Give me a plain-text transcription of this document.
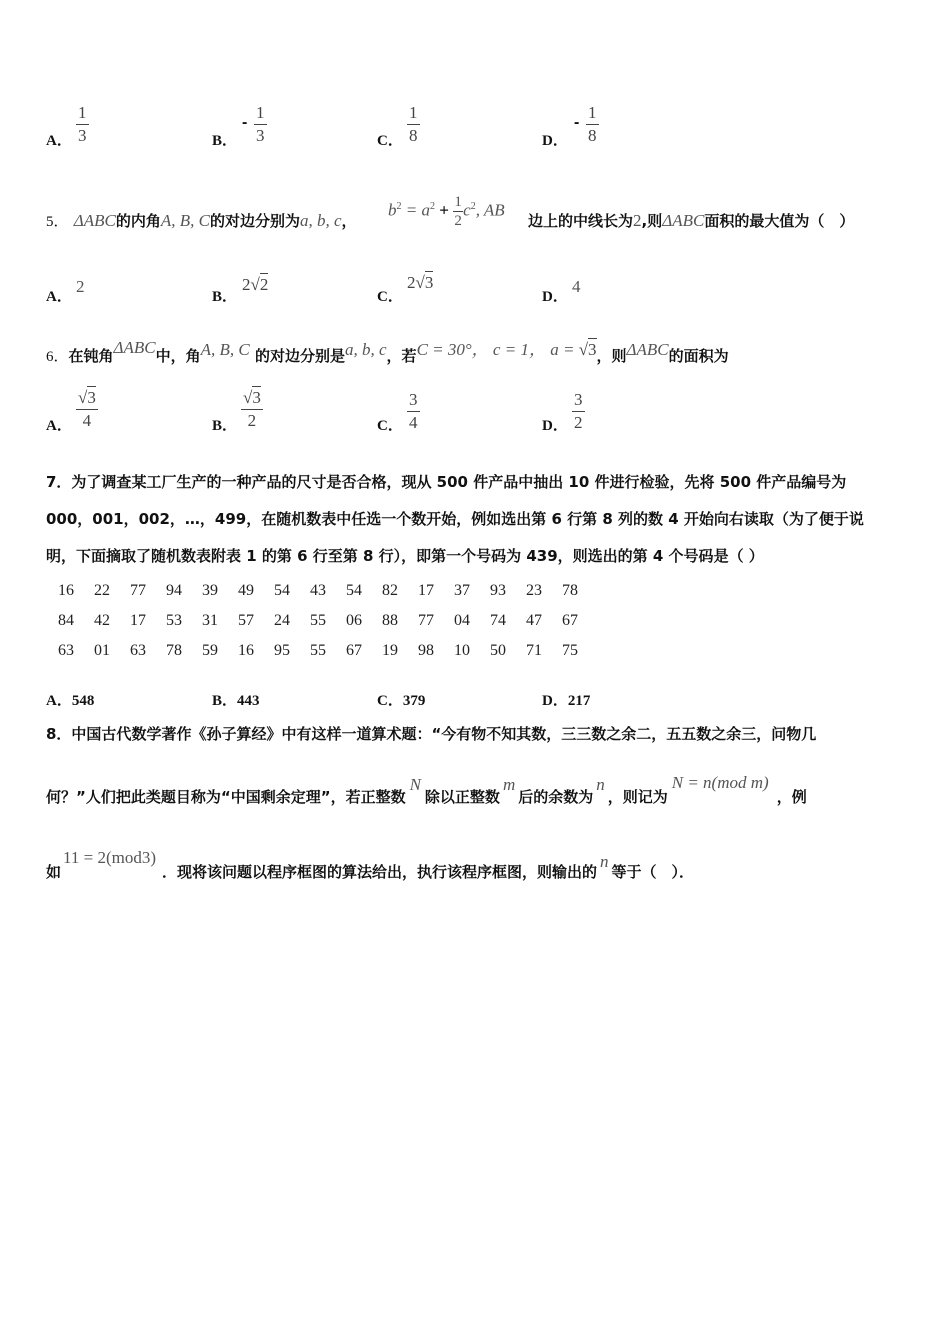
A．
1
3	B．
-
1
3	C．
1
8	D．
-
1
8
5． ΔABC的内角A, B, C的对边分别为a, b, c，
$b^2 = a^2 + \frac{1}{2} c^2$, AB
边上的中线长为2,则ΔABC面积的最大值为（　）
A．
2
B．
2√2
C．
2√3
D．
4
6．在钝角ΔABC中，角A, B, C 的对边分别是a, b, c，若C = 30°， c = 1， a = √3，则ΔABC的面积为
A．
√3
4	B．
√3
2	C．
3
4	D．
3
2
7．为了调查某工厂生产的一种产品的尺寸是否合格，现从 500 件产品中抽出 10 件进行检验，先将 500 件产品编号为
000，001，002，…，499，在随机数表中任选一个数开始，例如选出第 6 行第 8 列的数 4 开始向右读取（为了便于说
明，下面摘取了随机数表附表 1 的第 6 行至第 8 行），即第一个号码为 439，则选出的第 4 个号码是（ ）
16	22	77	94	39	49	54	43	54	82	17	37	93	23	78
84	42	17	53	31	57	24	55	06	88	77	04	74	47	67
63	01	63	78	59	16	95	55	67	19	98	10	50	71	75
A．548	B．443	C．379	D．217
8．中国古代数学著作《孙子算经》中有这样一道算术题：“今有物不知其数，三三数之余二，五五数之余三，问物几
何？”人们把此类题目称为“中国剩余定理”，若正整数N除以正整数m后的余数为n，则记为N = n(mod m)，例
如11 = 2(mod3)．现将该问题以程序框图的算法给出，执行该程序框图，则输出的n等于（　）．
